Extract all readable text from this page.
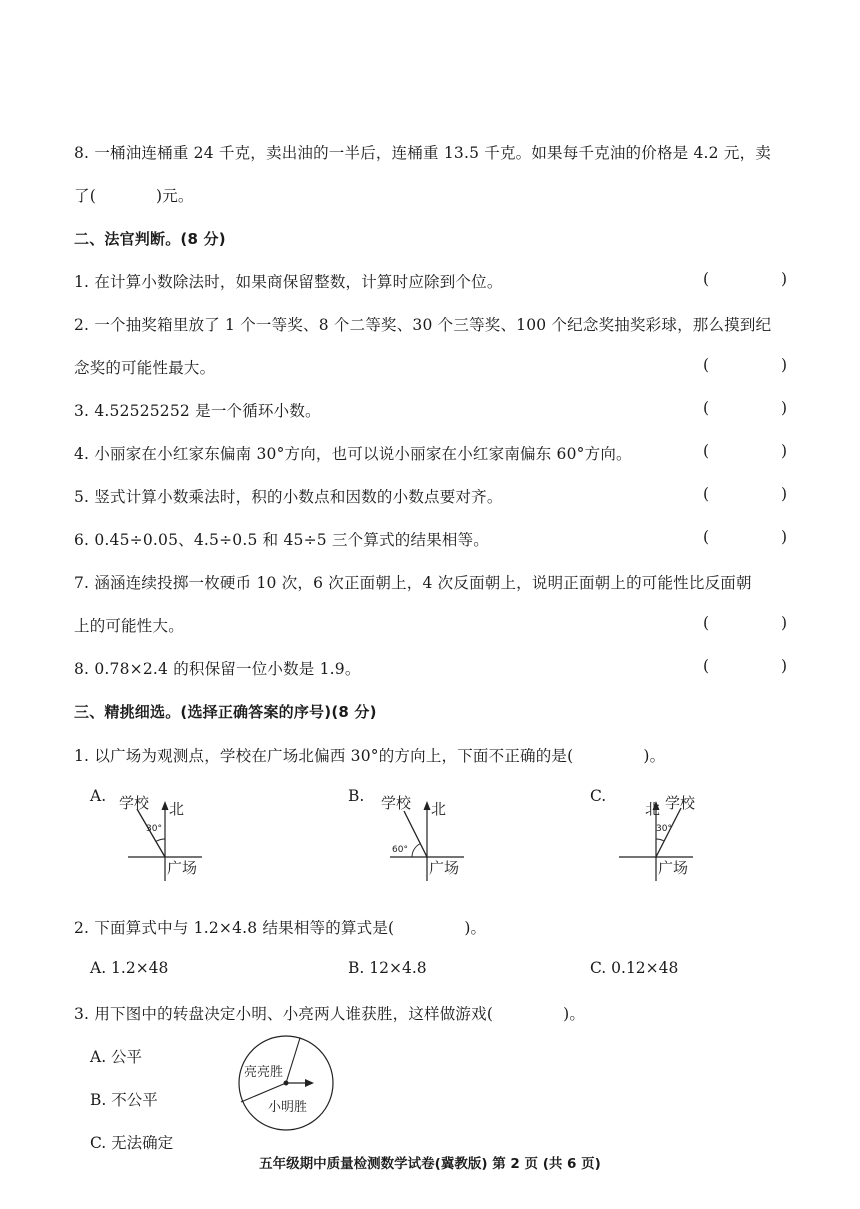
8. 一桶油连桶重 24 千克，卖出油的一半后，连桶重 13.5 千克。如果每千克油的价格是 4.2 元，卖
了(	)元。
二、法官判断。(8 分)
1. 在计算小数除法时，如果商保留整数，计算时应除到个位。	(	)
2. 一个抽奖箱里放了 1 个一等奖、8 个二等奖、30 个三等奖、100 个纪念奖抽奖彩球，那么摸到纪
念奖的可能性最大。	(	)
3. 4.52525252 是一个循环小数。	(	)
4. 小丽家在小红家东偏南 30°方向，也可以说小丽家在小红家南偏东 60°方向。	(	)
5. 竖式计算小数乘法时，积的小数点和因数的小数点要对齐。	(	)
6. 0.45÷0.05、4.5÷0.5 和 45÷5 三个算式的结果相等。	(	)
7. 涵涵连续投掷一枚硬币 10 次，6 次正面朝上，4 次反面朝上，说明正面朝上的可能性比反面朝
上的可能性大。	(	)
8. 0.78×2.4 的积保留一位小数是 1.9。	(	)
三、精挑细选。(选择正确答案的序号)(8 分)
1. 以广场为观测点，学校在广场北偏西 30°的方向上，下面不正确的是(	)。
A. 学校 北
30°
广场
B. 学校 北
60°
广场
C.
北 学校
30°
广场
2. 下面算式中与 1.2×4.8 结果相等的算式是(	)。
A. 1.2×48	B. 12×4.8	C. 0.12×48
3. 用下图中的转盘决定小明、小亮两人谁获胜，这样做游戏(	)。
A. 公平
B. 不公平
C. 无法确定
亮亮胜
小明胜
五年级期中质量检测数学试卷(冀教版) 第 2 页 (共 6 页)
